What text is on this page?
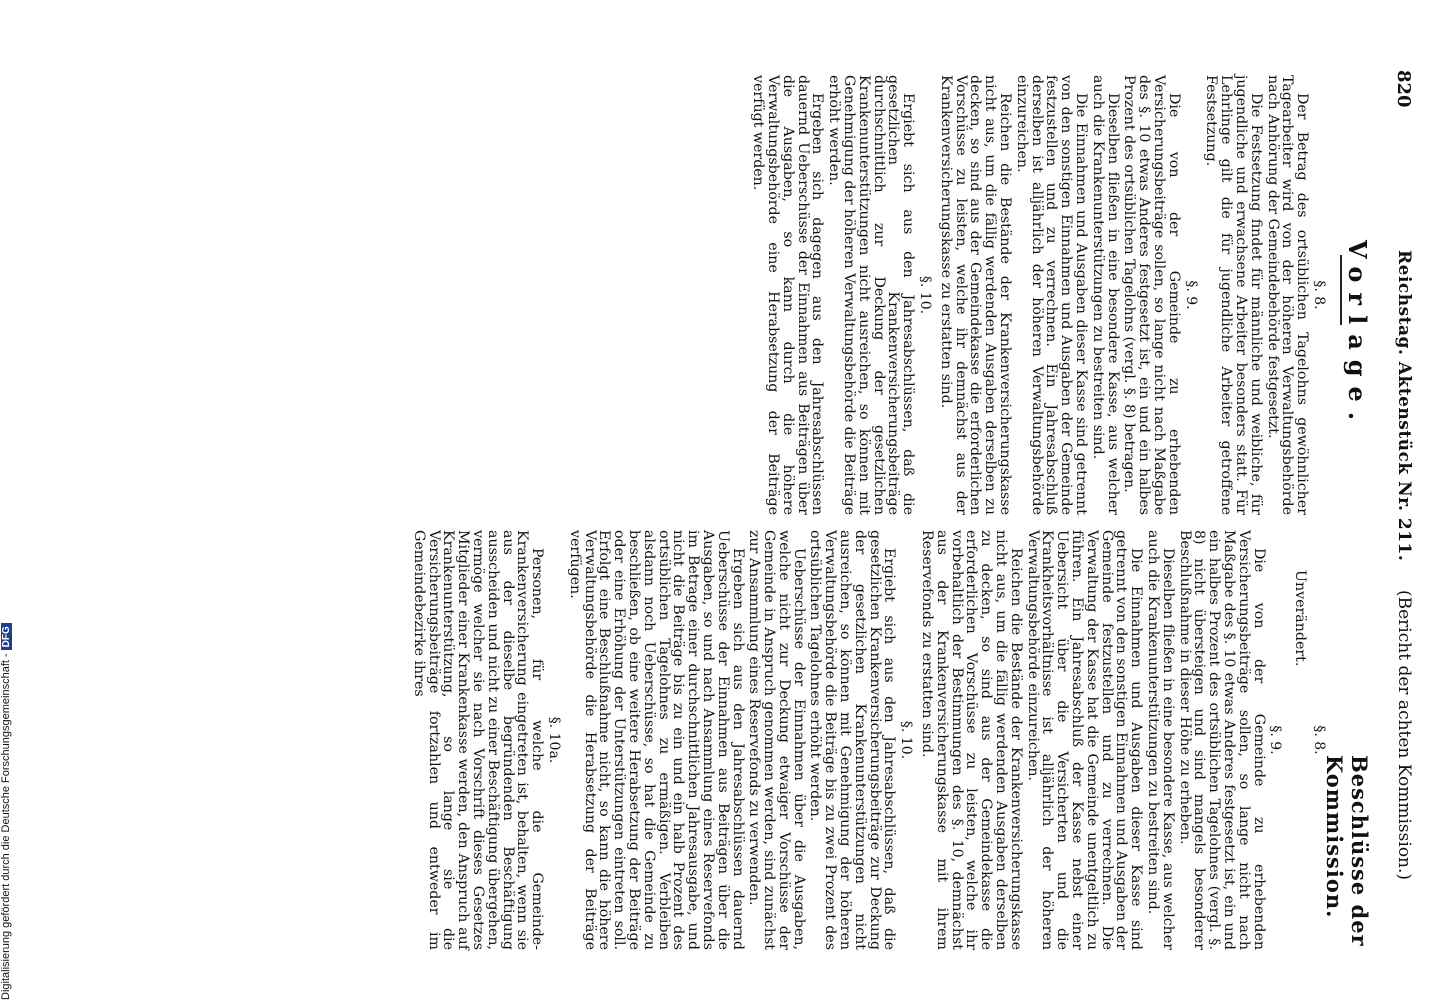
820
Reichstag. Aktenstück Nr. 211.
(Bericht der achten Kommission.)
Vorlage.
Beschlüsse der Kommission.
§. 8.

Der Betrag des ortsüblichen Tagelohns gewöhnlicher Tagearbeiter wird von der höheren Verwaltungsbehörde nach Anhörung der Gemeindebehörde festgesetzt.

Die Festsetzung findet für männliche und weibliche, für jugendliche und erwachsene Arbeiter besonders statt. Für Lehrlinge gilt die für jugendliche Arbeiter getroffene Festsetzung.

§. 9.

Die von der Gemeinde zu erhebenden Versicherungsbeiträge sollen, so lange nicht nach Maßgabe des §. 10 etwas Anderes festgesetzt ist, ein und ein halbes Prozent des ortsüblichen Tagelohns (vergl. §. 8) betragen.

Dieselben fließen in eine besondere Kasse, aus welcher auch die Krankenunterstützungen zu bestreiten sind.

Die Einnahmen und Ausgaben dieser Kasse sind getrennt von den sonstigen Einnahmen und Ausgaben der Gemeinde festzustellen und zu verrechnen. Ein Jahresabschluß derselben ist alljährlich der höheren Verwaltungsbehörde einzureichen.

Reichen die Bestände der Krankenversicherungskasse nicht aus, um die fällig werdenden Ausgaben derselben zu decken, so sind aus der Gemeindekasse die erforderlichen Vorschüsse zu leisten, welche ihr demnächst aus der Krankenversicherungskasse zu erstatten sind.

§. 10.

Ergiebt sich aus den Jahresabschlüssen, daß die gesetzlichen Krankenversicherungsbeiträge durchschnittlich zur Deckung der gesetzlichen Krankenunterstützungen nicht ausreichen, so können mit Genehmigung der höheren Verwaltungsbehörde die Beiträge erhöht werden.

Ergeben sich dagegen aus den Jahresabschlüssen dauernd Ueberschüsse der Einnahmen aus Beiträgen über die Ausgaben, so kann durch die höhere Verwaltungsbehörde eine Herabsetzung der Beiträge verfügt werden.

§. 8.

Unverändert.

§. 9.

Die von der Gemeinde zu erhebenden Versicherungsbeiträge sollen, so lange nicht nach Maßgabe des §. 10 etwas Anderes festgesetzt ist, ein und ein halbes Prozent des ortsüblichen Tagelohnes (vergl. §. 8) nicht übersteigen und sind mangels besonderer Beschlußnahme in dieser Höhe zu erheben.

Dieselben fließen in eine besondere Kasse, aus welcher auch die Krankenunterstützungen zu bestreiten sind.

Die Einnahmen und Ausgaben dieser Kasse sind getrennt von den sonstigen Einnahmen und Ausgaben der Gemeinde festzustellen und zu verrechnen. Die Verwaltung der Kasse hat die Gemeinde unentgeltlich zu führen. Ein Jahresabschluß der Kasse nebst einer Uebersicht über die Versicherten und die Krankheitsvorhältnisse ist alljährlich der höheren Verwaltungsbehörde einzureichen.

Reichen die Bestände der Krankenversicherungskasse nicht aus, um die fällig werdenden Ausgaben derselben zu decken, so sind aus der Gemeindekasse die erforderlichen Vorschüsse zu leisten, welche ihr vorbehaltlich der Bestimmungen des §. 10, demnächst aus der Krankenversicherungskasse mit ihrem Reservefonds zu erstatten sind.

§. 10.

Ergiebt sich aus den Jahresabschlüssen, daß die gesetzlichen Krankenversicherungsbeiträge zur Deckung der gesetzlichen Krankenunterstützungen nicht ausreichen, so können mit Genehmigung der höheren Verwaltungsbehörde die Beiträge bis zu zwei Prozent des ortsüblichen Tagelohnes erhöht werden.

Ueberschüsse der Einnahmen über die Ausgaben, welche nicht zur Deckung etwaiger Vorschüsse der Gemeinde in Anspruch genommen werden, sind zunächst zur Ansammlung eines Reservefonds zu verwenden.

Ergeben sich aus den Jahresabschlüssen dauernd Ueberschüsse der Einnahmen aus Beiträgen über die Ausgaben, so und nach Ansammlung eines Reservefonds im Betrage einer durchschnittlichen Jahresausgabe, und nicht die Beiträge bis zu ein und ein halb Prozent des ortsüblichen Tagelohnes zu ermäßigen. Verbleiben alsdann noch Ueberschüsse, so hat die Gemeinde zu beschließen, ob eine weitere Herabsetzung der Beiträge oder eine Erhöhung der Unterstützungen eintreten soll. Erfolgt eine Beschlußnahme nicht, so kann die höhere Verwaltungsbehörde die Herabsetzung der Beiträge verfügen.

§. 10a.

Personen, für welche die Gemeinde-Krankenversicherung eingetreten ist, behalten, wenn sie aus der dieselbe begründenden Beschäftigung ausscheiden und nicht zu einer Beschäftigung übergehen, vermöge welcher sie nach Vorschrift dieses Gesetzes Mitglieder einer Krankenkasse werden, den Anspruch auf Krankenunterstützung, so lange sie die Versicherungsbeiträge fortzahlen und entweder im Gemeindebezirke ihres

Digitalisierung gefördert durch die Deutsche Forschungsgemeinschaft -DFG
